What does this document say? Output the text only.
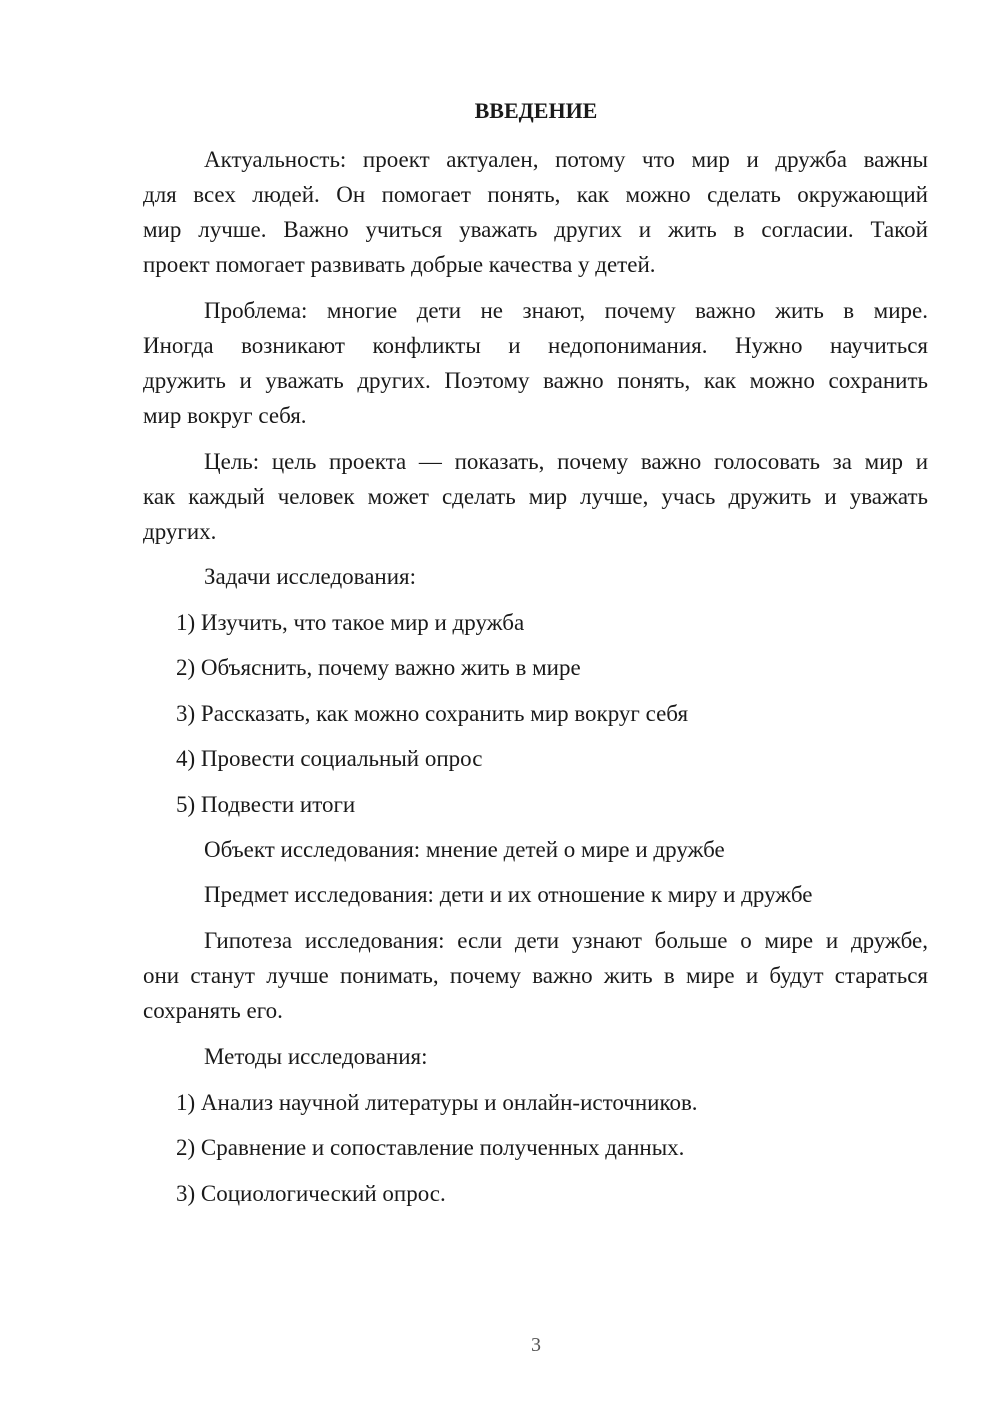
ВВЕДЕНИЕ
Актуальность: проект актуален, потому что мир и дружба важны
для всех людей. Он помогает понять, как можно сделать окружающий
мир лучше. Важно учиться уважать других и жить в согласии. Такой
проект помогает развивать добрые качества у детей.
Проблема: многие дети не знают, почему важно жить в мире.
Иногда возникают конфликты и недопонимания. Нужно научиться
дружить и уважать других. Поэтому важно понять, как можно сохранить
мир вокруг себя.
Цель: цель проекта — показать, почему важно голосовать за мир и
как каждый человек может сделать мир лучше, учась дружить и уважать
других.
Задачи исследования:
1) Изучить, что такое мир и дружба
2) Объяснить, почему важно жить в мире
3) Рассказать, как можно сохранить мир вокруг себя
4) Провести социальный опрос
5) Подвести итоги
Объект исследования: мнение детей о мире и дружбе
Предмет исследования: дети и их отношение к миру и дружбе
Гипотеза исследования: если дети узнают больше о мире и дружбе,
они станут лучше понимать, почему важно жить в мире и будут стараться
сохранять его.
Методы исследования:
1) Анализ научной литературы и онлайн-источников.
2) Сравнение и сопоставление полученных данных.
3) Социологический опрос.
3
